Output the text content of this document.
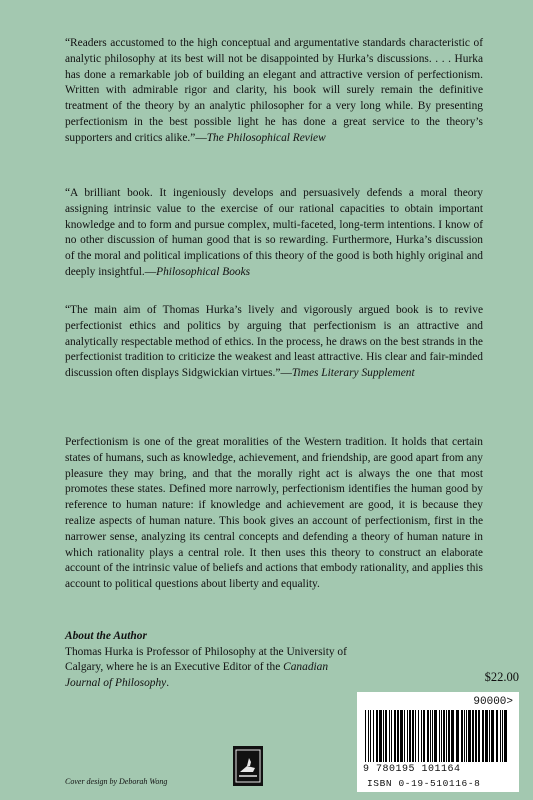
“Readers accustomed to the high conceptual and argumentative standards characteristic of analytic philosophy at its best will not be disappointed by Hurka’s discussions. . . . Hurka has done a remarkable job of building an elegant and attractive version of perfectionism. Written with admirable rigor and clarity, his book will surely remain the definitive treatment of the theory by an analytic philosopher for a very long while. By presenting perfectionism in the best possible light he has done a great service to the theory’s supporters and critics alike.”—The Philosophical Review

“A brilliant book. It ingeniously develops and persuasively defends a moral theory assigning intrinsic value to the exercise of our rational capacities to obtain important knowledge and to form and pursue complex, multi-faceted, long-term intentions. I know of no other discussion of human good that is so rewarding. Furthermore, Hurka’s discussion of the moral and political implications of this theory of the good is both highly original and deeply insightful.—Philosophical Books

“The main aim of Thomas Hurka’s lively and vigorously argued book is to revive perfectionist ethics and politics by arguing that perfectionism is an attractive and analytically respectable method of ethics. In the process, he draws on the best strands in the perfectionist tradition to criticize the weakest and least attractive. His clear and fair-minded discussion often displays Sidgwickian virtues.”—Times Literary Supplement

Perfectionism is one of the great moralities of the Western tradition. It holds that certain states of humans, such as knowledge, achievement, and friendship, are good apart from any pleasure they may bring, and that the morally right act is always the one that most promotes these states. Defined more narrowly, perfectionism identifies the human good by reference to human nature: if knowledge and achievement are good, it is because they realize aspects of human nature. This book gives an account of perfectionism, first in the narrower sense, analyzing its central concepts and defending a theory of human nature in which rationality plays a central role. It then uses this theory to construct an elaborate account of the intrinsic value of beliefs and actions that embody rationality, and applies this account to political questions about liberty and equality.

About the Author
Thomas Hurka is Professor of Philosophy at the University of Calgary, where he is an Executive Editor of the Canadian Journal of Philosophy.	$22.00
90000>
9 780195 101164
ISBN 0-19-510116-8
Cover design by Deborah Wong
